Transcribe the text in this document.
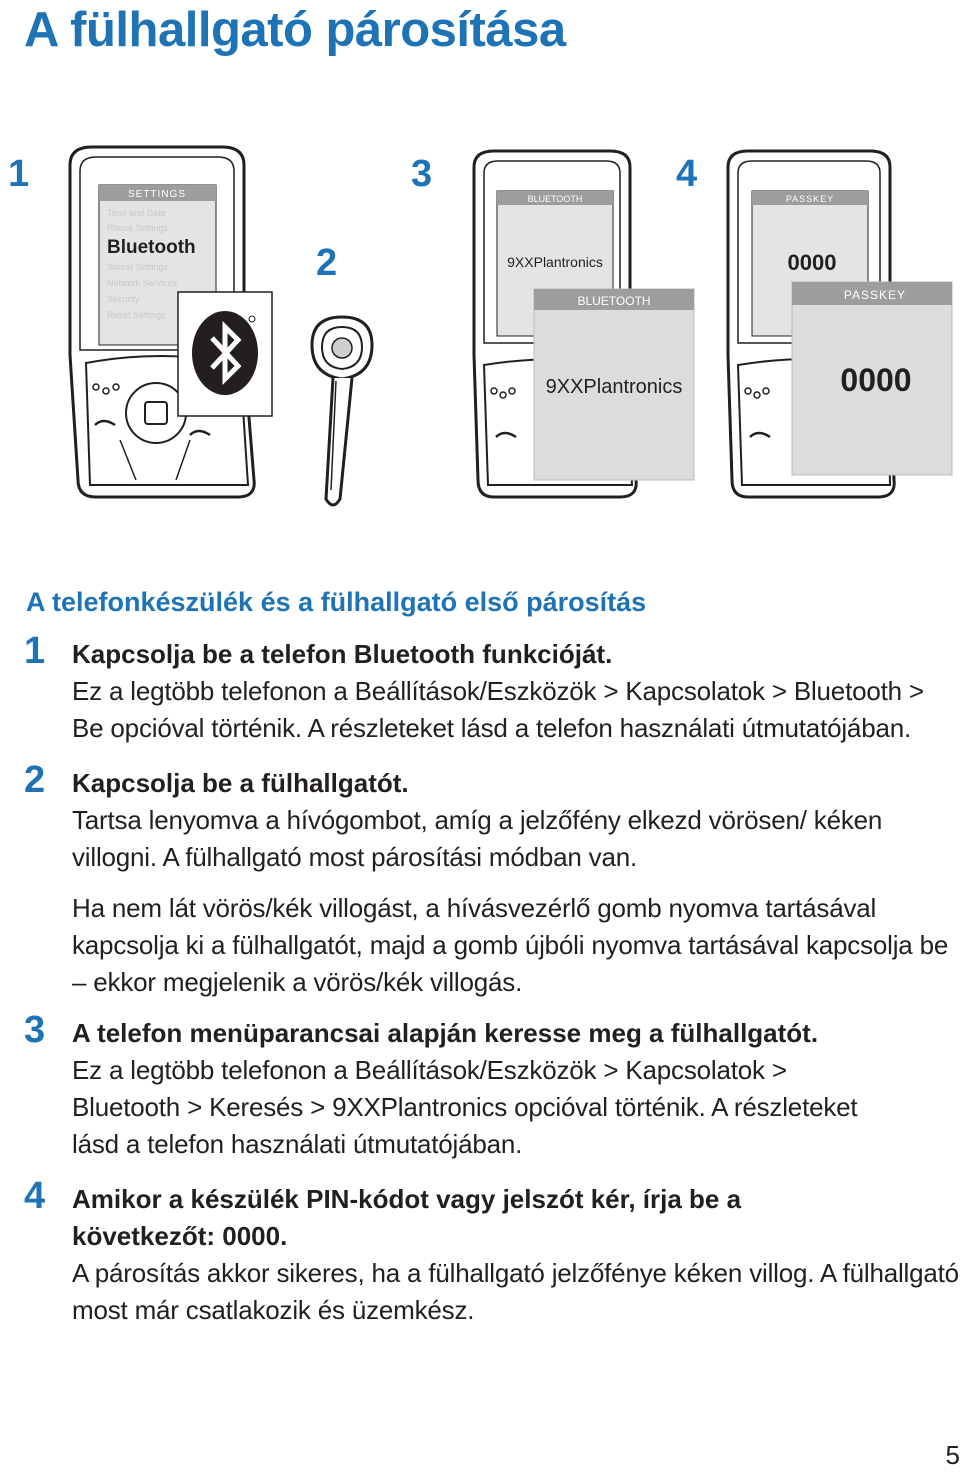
A fülhallgató párosítása
1
2
3	4
SETTINGS
Time and Date
Phone Settings
Bluetooth
Sound Settings
Network Services
Security
Reset Settings
BLUETOOTH
9XXPlantronics
BLUETOOTH
9XXPlantronics
PASSKEY
0000
PASSKEY
0000
A telefonkészülék és a fülhallgató első párosítás
1 Kapcsolja be a telefon Bluetooth funkcióját.
Ez a legtöbb telefonon a Beállítások/Eszközök > Kapcsolatok > Bluetooth > Be opcióval történik. A részleteket lásd a telefon használati útmutatójában.
2 Kapcsolja be a fülhallgatót.
Tartsa lenyomva a hívógombot, amíg a jelzőfény elkezd vörösen/ kéken villogni. A fülhallgató most párosítási módban van.
Ha nem lát vörös/kék villogást, a hívásvezérlő gomb nyomva tartásával kapcsolja ki a fülhallgatót, majd a gomb újbóli nyomva tartásával kapcsolja be – ekkor megjelenik a vörös/kék villogás.
3 A telefon menüparancsai alapján keresse meg a fülhallgatót.
Ez a legtöbb telefonon a Beállítások/Eszközök > Kapcsolatok > Bluetooth > Keresés > 9XXPlantronics opcióval történik. A részleteket lásd a telefon használati útmutatójában.
4 Amikor a készülék PIN-kódot vagy jelszót kér, írja be a következőt: 0000.
A párosítás akkor sikeres, ha a fülhallgató jelzőfénye kéken villog. A fülhallgató most már csatlakozik és üzemkész.
5
